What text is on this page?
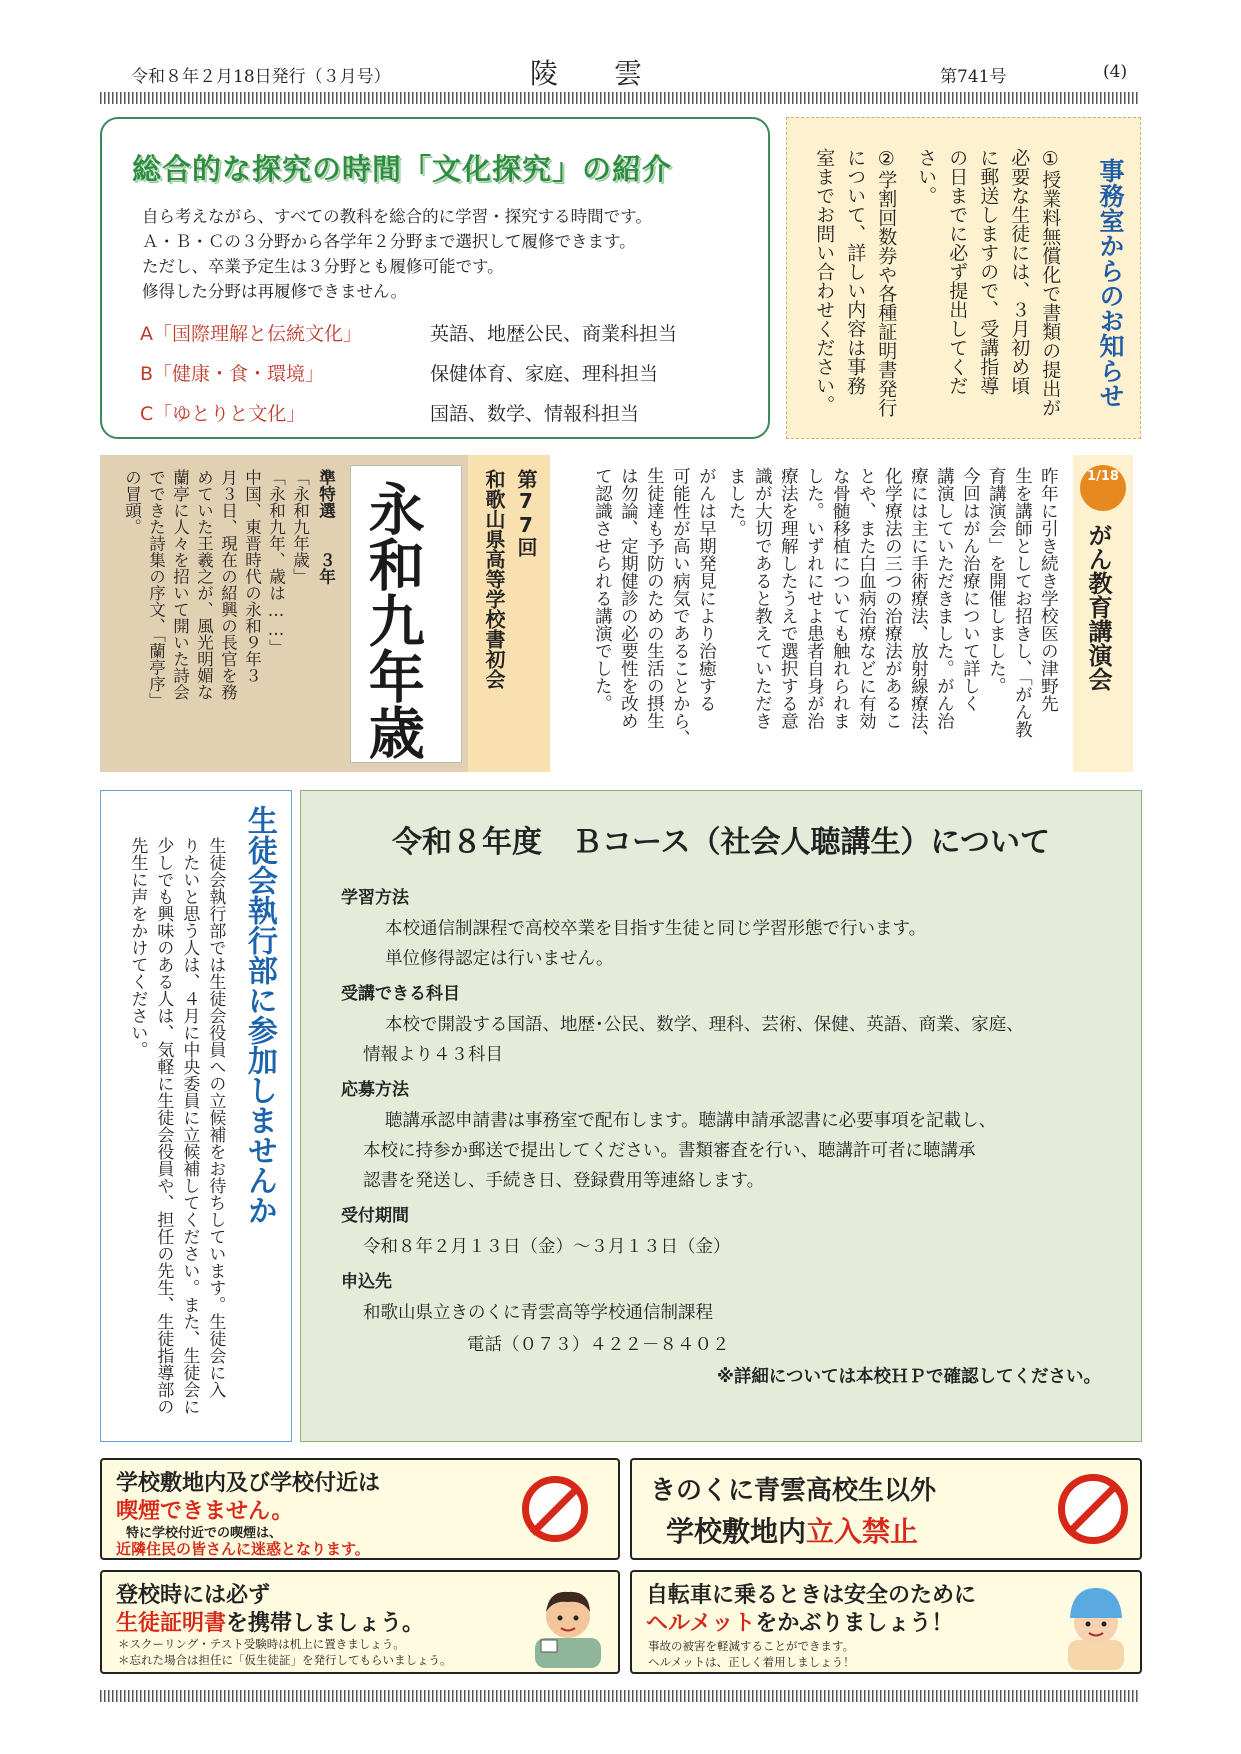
令和８年２月18日発行（３月号）	陵　　雲	第741号	(4)
総合的な探究の時間「文化探究」の紹介
自ら考えながら、すべての教科を総合的に学習・探究する時間です。
Ａ・Ｂ・Ｃの３分野から各学年２分野まで選択して履修できます。
ただし、卒業予定生は３分野とも履修可能です。
修得した分野は再履修できません。
A「国際理解と伝統文化」	英語、地歴公民、商業科担当
B「健康・食・環境」	保健体育、家庭、理科担当
C「ゆとりと文化」	国語、数学、情報科担当
事務室からのお知らせ
①授業料無償化で書類の提出が
必要な生徒には、３月初め頃
に郵送しますので、受講指導
の日までに必ず提出してくだ
さい。
②学割回数券や各種証明書発行
について、詳しい内容は事務
室までお問い合わせください。
1/18
がん教育講演会
昨年に引き続き学校医の津野先
生を講師としてお招きし、「がん教
育講演会」を開催しました。
今回はがん治療について詳しく
講演していただきました。がん治
療には主に手術療法、放射線療法、
化学療法の三つの治療法があるこ
とや、また白血病治療などに有効
な骨髄移植についても触れられま
した。いずれにせよ患者自身が治
療法を理解したうえで選択する意
識が大切であると教えていただき
ました。
がんは早期発見により治癒する
可能性が高い病気であることから、
生徒達も予防のための生活の摂生
は勿論、定期健診の必要性を改め
て認識させられる講演でした。
第77回
和歌山県高等学校書初会
永和九年歳
準特選　　３年
「永和九年歳」
「永和九年、歳は……」
中国、東晋時代の永和９年３
月３日、現在の紹興の長官を務
めていた王羲之が、風光明媚な
蘭亭に人々を招いて開いた詩会
でできた詩集の序文、「蘭亭序」
の冒頭。
生徒会執行部に参加しませんか
生徒会執行部では生徒会役員への立候補をお待ちしています。生徒会に入
りたいと思う人は、４月に中央委員に立候補してください。また、生徒会に
少しでも興味のある人は、気軽に生徒会役員や、担任の先生、生徒指導部の
先生に声をかけてください。	令和８年度　Ｂコース（社会人聴講生）について
学習方法
本校通信制課程で高校卒業を目指す生徒と同じ学習形態で行います。
単位修得認定は行いません。
受講できる科目
本校で開設する国語、地歴･公民、数学、理科、芸術、保健、英語、商業、家庭、
情報より４３科目
応募方法
聴講承認申請書は事務室で配布します。聴講申請承認書に必要事項を記載し、
本校に持参か郵送で提出してください。書類審査を行い、聴講許可者に聴講承
認書を発送し、手続き日、登録費用等連絡します。
受付期間
令和８年２月１３日（金）～３月１３日（金）
申込先
和歌山県立きのくに青雲高等学校通信制課程
電話（０７３）４２２－８４０２
※詳細については本校ＨＰで確認してください。
学校敷地内及び学校付近は
喫煙できません。
特に学校付近での喫煙は、
近隣住民の皆さんに迷惑となります。
きのくに青雲高校生以外
学校敷地内立入禁止
登校時には必ず
生徒証明書を携帯しましょう。
＊スクーリング・テスト受験時は机上に置きましょう。
＊忘れた場合は担任に「仮生徒証」を発行してもらいましょう。
自転車に乗るときは安全のために
ヘルメットをかぶりましょう！
事故の被害を軽減することができます。
ヘルメットは、正しく着用しましょう！
